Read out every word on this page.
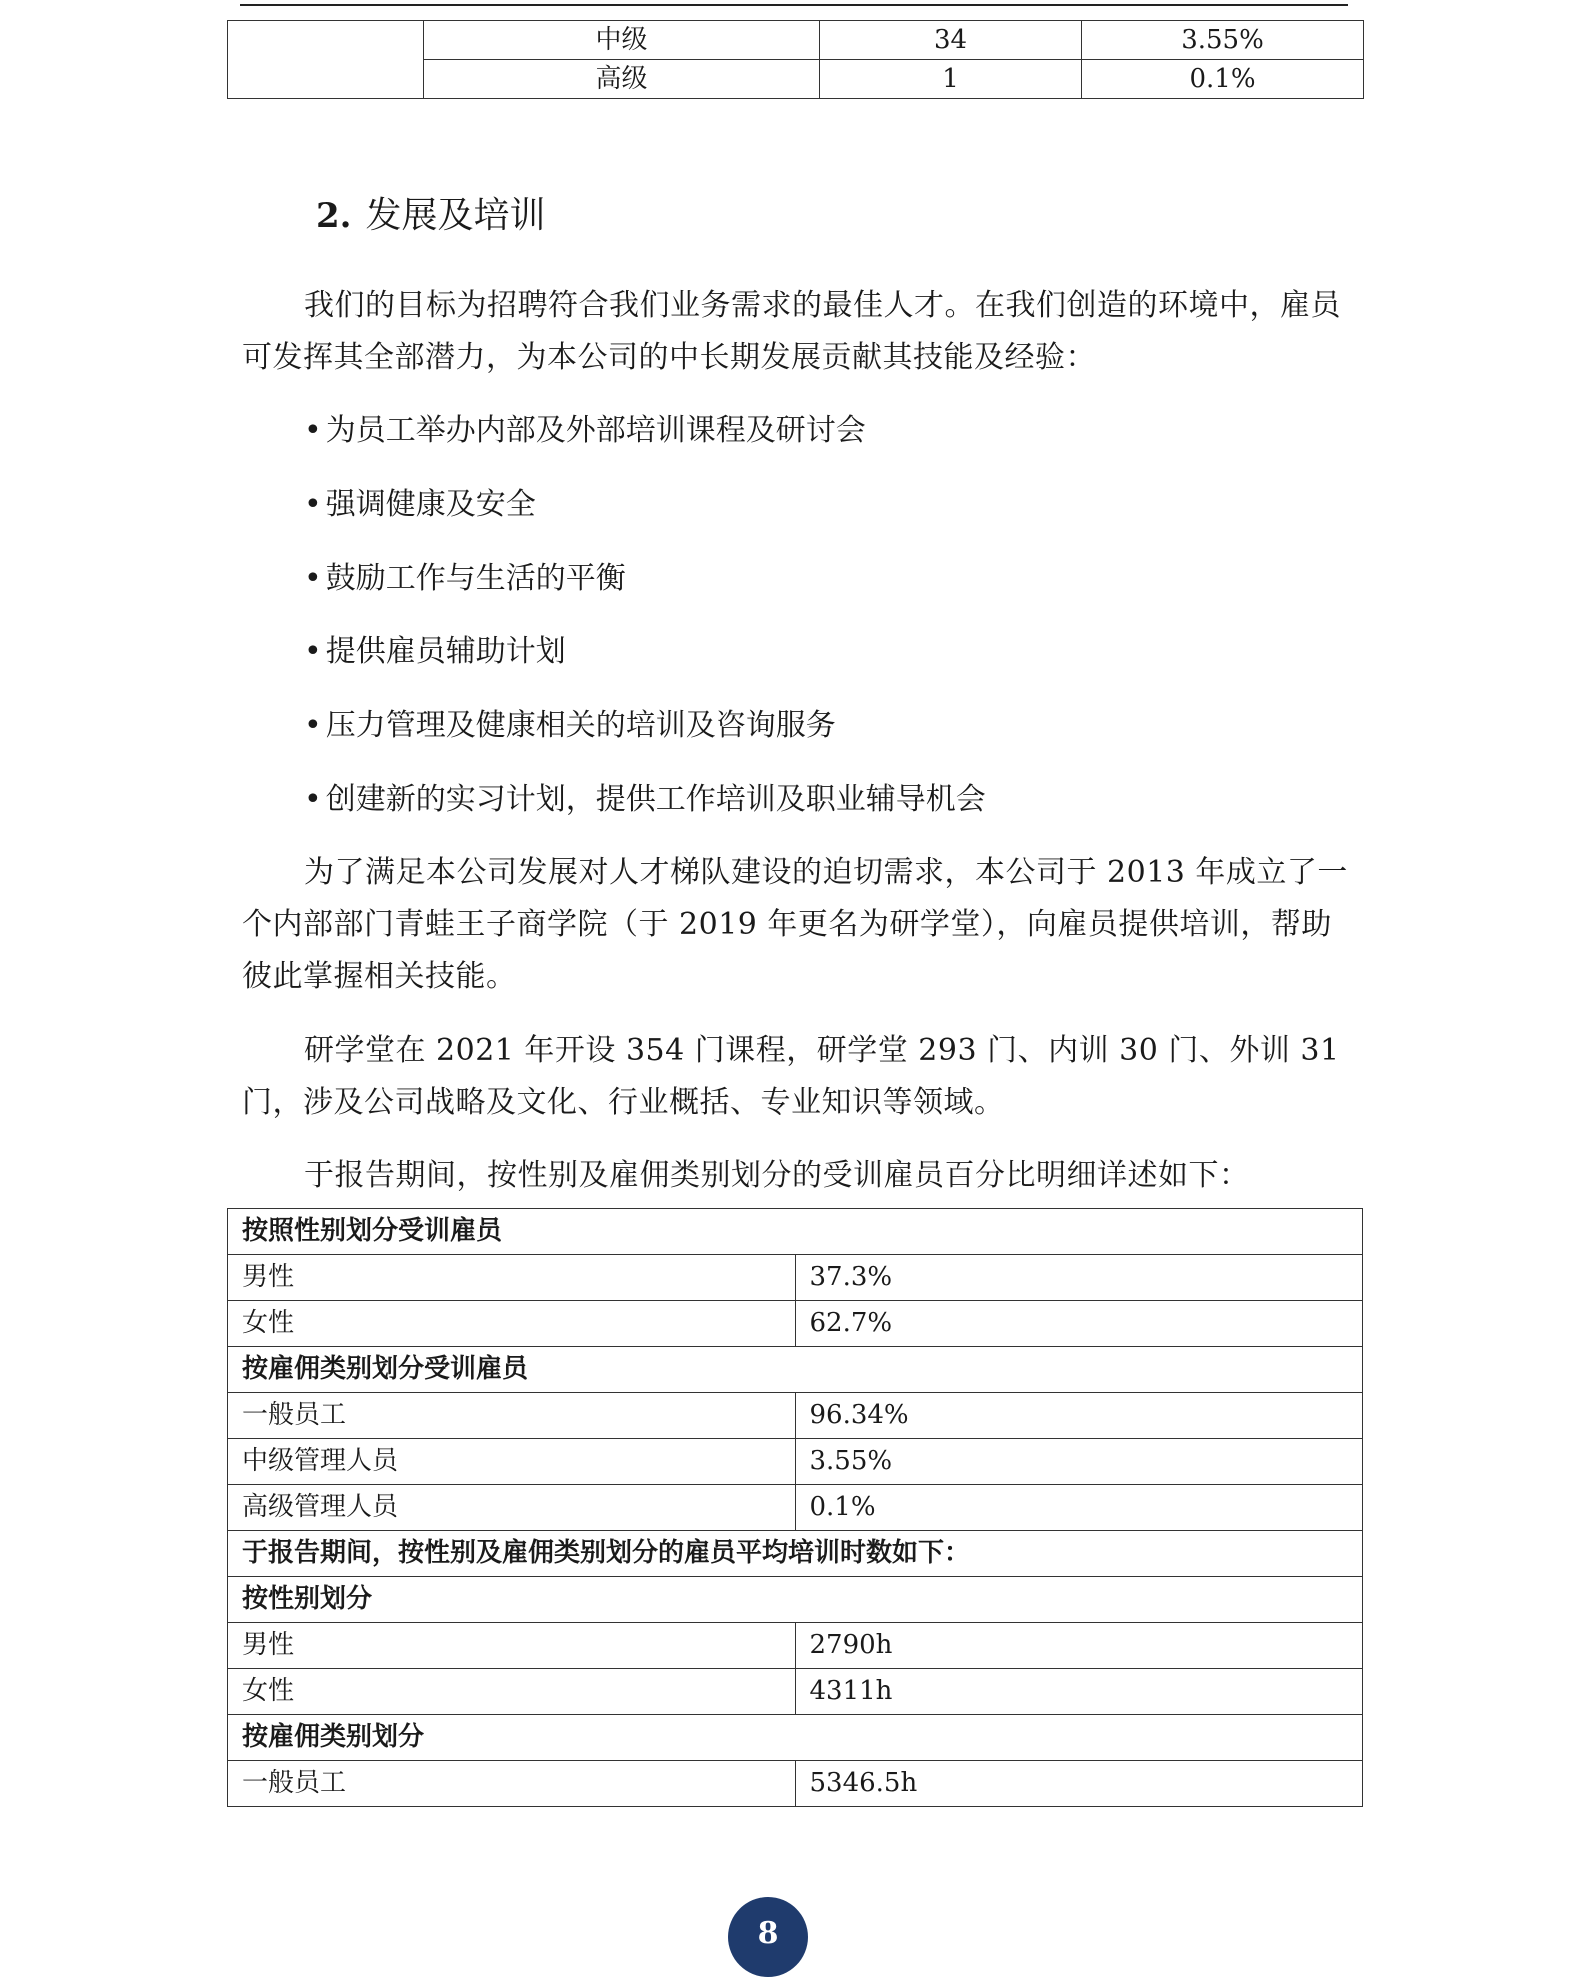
	中级	34	3.55%
	高级	1	0.1%
2. 发展及培训

我们的目标为招聘符合我们业务需求的最佳人才。在我们创造的环境中，雇员可发挥其全部潜力，为本公司的中长期发展贡献其技能及经验：

• 为员工举办内部及外部培训课程及研讨会

• 强调健康及安全

• 鼓励工作与生活的平衡

• 提供雇员辅助计划

• 压力管理及健康相关的培训及咨询服务

• 创建新的实习计划，提供工作培训及职业辅导机会

为了满足本公司发展对人才梯队建设的迫切需求，本公司于 2013 年成立了一个内部部门青蛙王子商学院（于 2019 年更名为研学堂），向雇员提供培训，帮助彼此掌握相关技能。

研学堂在 2021 年开设 354 门课程，研学堂 293 门、内训 30 门、外训 31 门，涉及公司战略及文化、行业概括、专业知识等领域。

于报告期间，按性别及雇佣类别划分的受训雇员百分比明细详述如下：

按照性别划分受训雇员	
男性	37.3%
女性	62.7%
按雇佣类别划分受训雇员	
一般员工	96.34%
中级管理人员	3.55%
高级管理人员	0.1%
于报告期间，按性别及雇佣类别划分的雇员平均培训时数如下：	
按性别划分	
男性	2790h
女性	4311h
按雇佣类别划分	
一般员工	5346.5h
8
